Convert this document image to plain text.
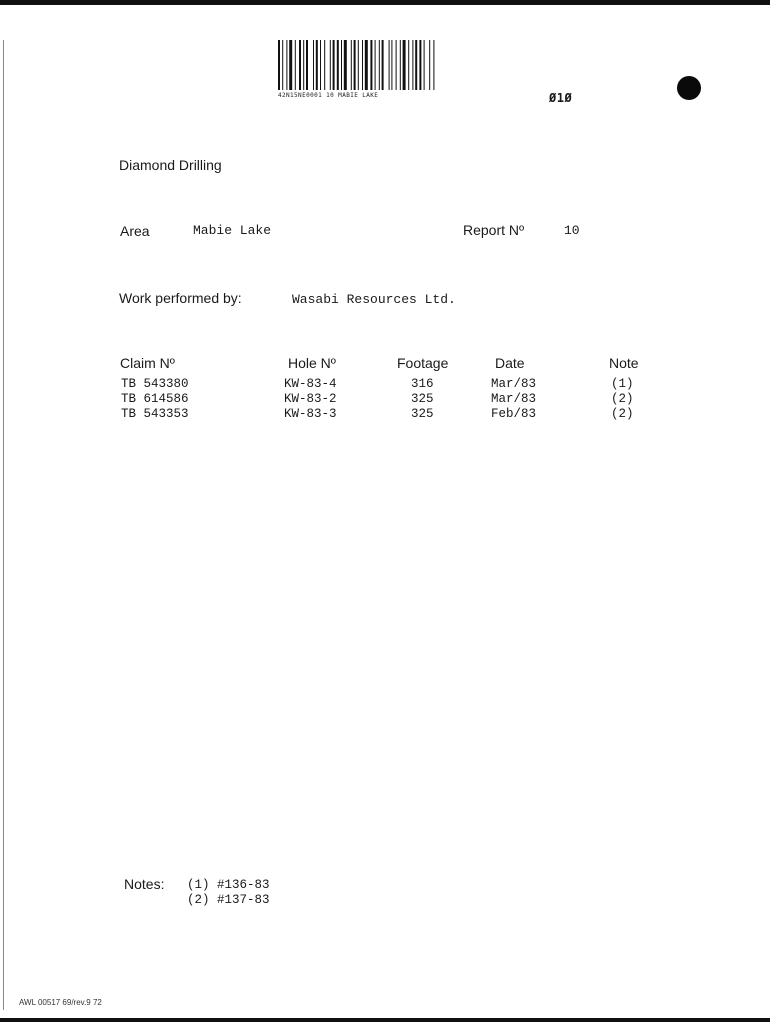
42N15NE0001 10 MABIE LAKE	Ø1Ø
Diamond Drilling
Area	Mabie Lake	Report Nº	10
Work performed by:	Wasabi Resources Ltd.
Claim Nº	Hole Nº	Footage	Date	Note
TB 543380	KW-83-4	316	Mar/83	(1)
TB 614586	KW-83-2	325	Mar/83	(2)
TB 543353	KW-83-3	325	Feb/83	(2)
Notes: (1) #136-83
(2) #137-83
AWL 00517 69/rev.9 72
